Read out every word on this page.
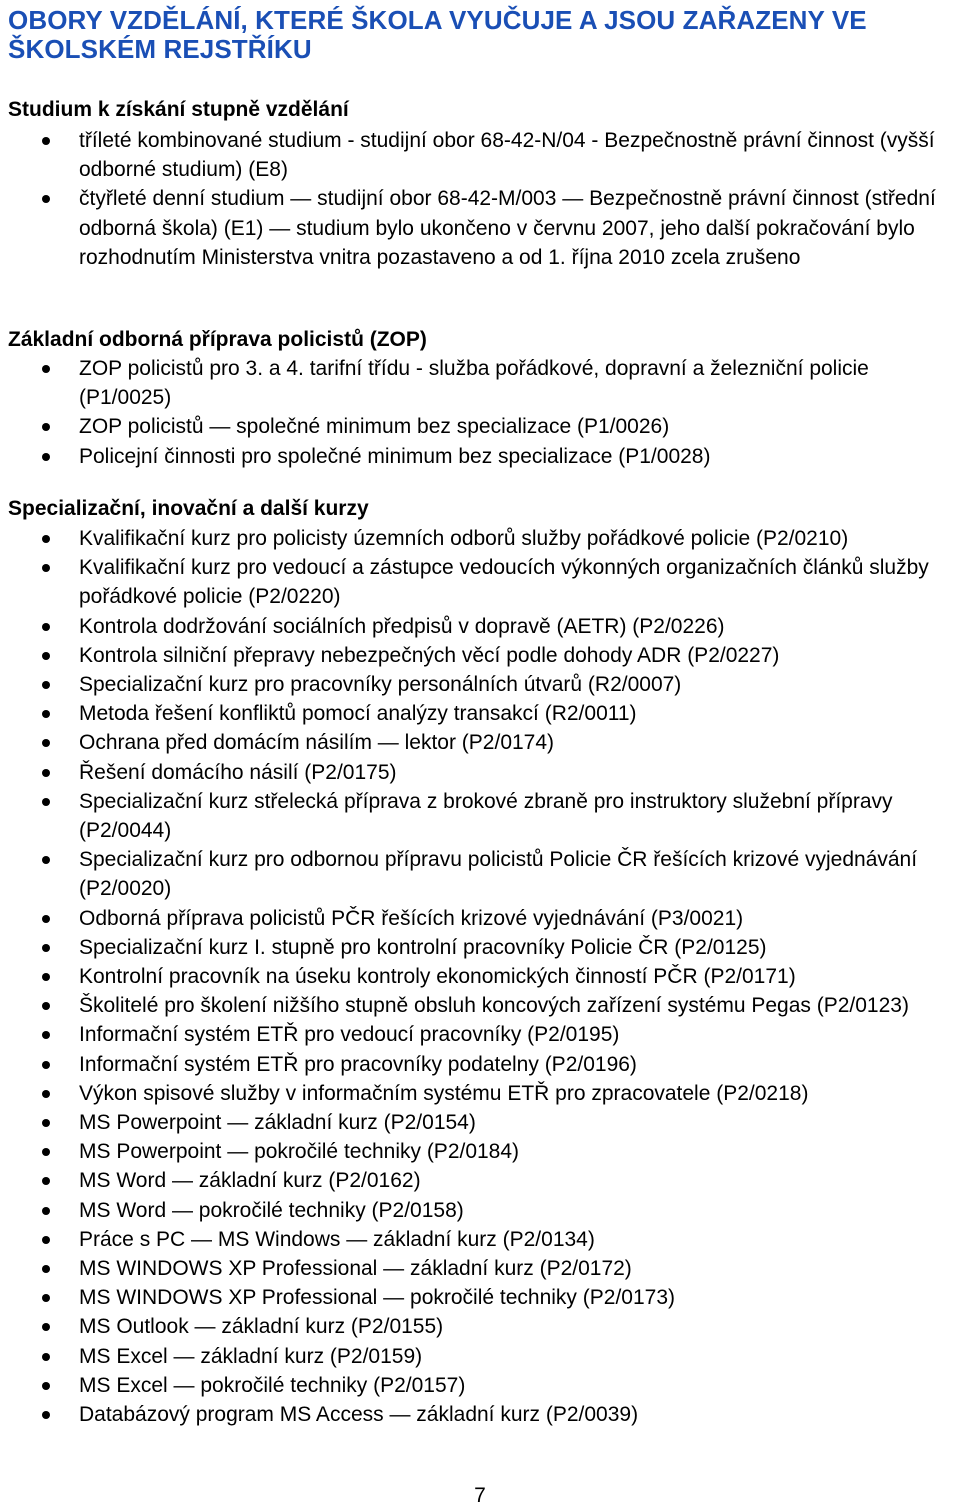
OBORY VZDĚLÁNÍ, KTERÉ ŠKOLA VYUČUJE A JSOU ZAŘAZENY VE ŠKOLSKÉM REJSTŘÍKU
Studium k získání stupně vzdělání
tříleté kombinované studium - studijní obor 68-42-N/04 - Bezpečnostně právní činnost (vyšší odborné studium) (E8)
čtyřleté denní studium — studijní obor 68-42-M/003 — Bezpečnostně právní činnost (střední odborná škola) (E1) — studium bylo ukončeno v červnu 2007, jeho další pokračování bylo rozhodnutím Ministerstva vnitra pozastaveno a od 1. října 2010 zcela zrušeno
Základní odborná příprava policistů (ZOP)
ZOP policistů pro 3. a 4. tarifní třídu - služba pořádkové, dopravní a železniční policie (P1/0025)
ZOP policistů — společné minimum bez specializace (P1/0026)
Policejní činnosti pro společné minimum bez specializace (P1/0028)
Specializační, inovační a další kurzy
Kvalifikační kurz pro policisty územních odborů služby pořádkové policie (P2/0210)
Kvalifikační kurz pro vedoucí a zástupce vedoucích výkonných organizačních článků služby pořádkové policie (P2/0220)
Kontrola dodržování sociálních předpisů v dopravě (AETR) (P2/0226)
Kontrola silniční přepravy nebezpečných věcí podle dohody ADR (P2/0227)
Specializační kurz pro pracovníky personálních útvarů (R2/0007)
Metoda řešení konfliktů pomocí analýzy transakcí (R2/0011)
Ochrana před domácím násilím — lektor (P2/0174)
Řešení domácího násilí (P2/0175)
Specializační kurz střelecká příprava z brokové zbraně pro instruktory služební přípravy (P2/0044)
Specializační kurz pro odbornou přípravu policistů Policie ČR řešících krizové vyjednávání (P2/0020)
Odborná příprava policistů PČR řešících krizové vyjednávání (P3/0021)
Specializační kurz I. stupně pro kontrolní pracovníky Policie ČR (P2/0125)
Kontrolní pracovník na úseku kontroly ekonomických činností PČR (P2/0171)
Školitelé pro školení nižšího stupně obsluh koncových zařízení systému Pegas (P2/0123)
Informační systém ETŘ pro vedoucí pracovníky (P2/0195)
Informační systém ETŘ pro pracovníky podatelny (P2/0196)
Výkon spisové služby v informačním systému ETŘ pro zpracovatele (P2/0218)
MS Powerpoint — základní kurz (P2/0154)
MS Powerpoint — pokročilé techniky (P2/0184)
MS Word — základní kurz (P2/0162)
MS Word — pokročilé techniky (P2/0158)
Práce s PC — MS Windows — základní kurz (P2/0134)
MS WINDOWS XP Professional — základní kurz (P2/0172)
MS WINDOWS XP Professional — pokročilé techniky (P2/0173)
MS Outlook — základní kurz (P2/0155)
MS Excel — základní kurz (P2/0159)
MS Excel — pokročilé techniky (P2/0157)
Databázový program MS Access — základní kurz (P2/0039)
7
